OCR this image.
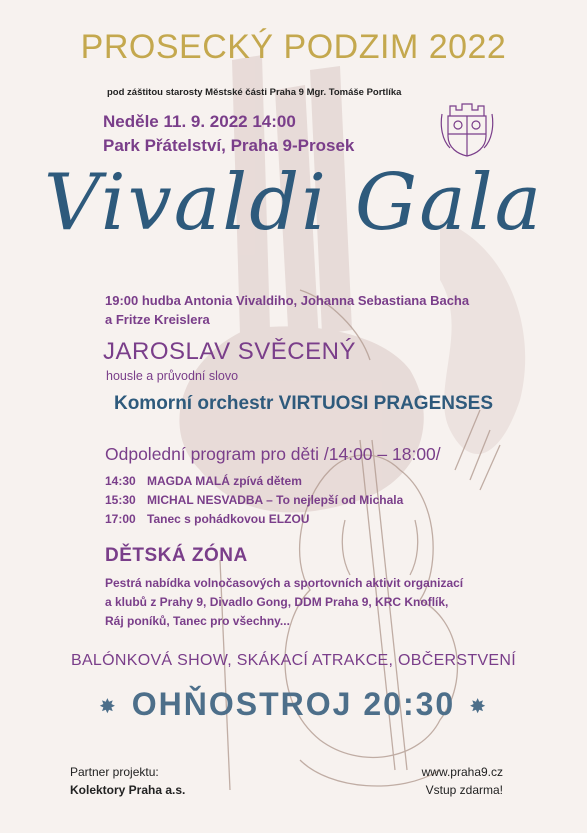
PROSECKÝ PODZIM 2022
pod záštitou starosty Městské části Praha 9 Mgr. Tomáše Portlíka
Neděle 11. 9. 2022 14:00
Park Přátelství, Praha 9-Prosek
Vivaldi Gala
19:00 hudba Antonia Vivaldiho, Johanna Sebastiana Bacha
a Fritze Kreislera
JAROSLAV SVĚCENÝ
housle a průvodní slovo
Komorní orchestr VIRTUOSI PRAGENSES
Odpolední program pro děti /14:00 – 18:00/
14:30 MAGDA MALÁ zpívá dětem
15:30 MICHAL NESVADBA – To nejlepší od Michala
17:00 Tanec s pohádkovou ELZOU
DĚTSKÁ ZÓNA
Pestrá nabídka volnočasových a sportovních aktivit organizací
a klubů z Prahy 9, Divadlo Gong, DDM Praha 9, KRC Knoflík,
Ráj poníků, Tanec pro všechny...
BALÓNKOVÁ SHOW, SKÁKACÍ ATRAKCE, OBČERSTVENÍ
✸ OHŇOSTROJ 20:30 ✸
Partner projektu:
Kolektory Praha a.s.
www.praha9.cz
Vstup zdarma!
